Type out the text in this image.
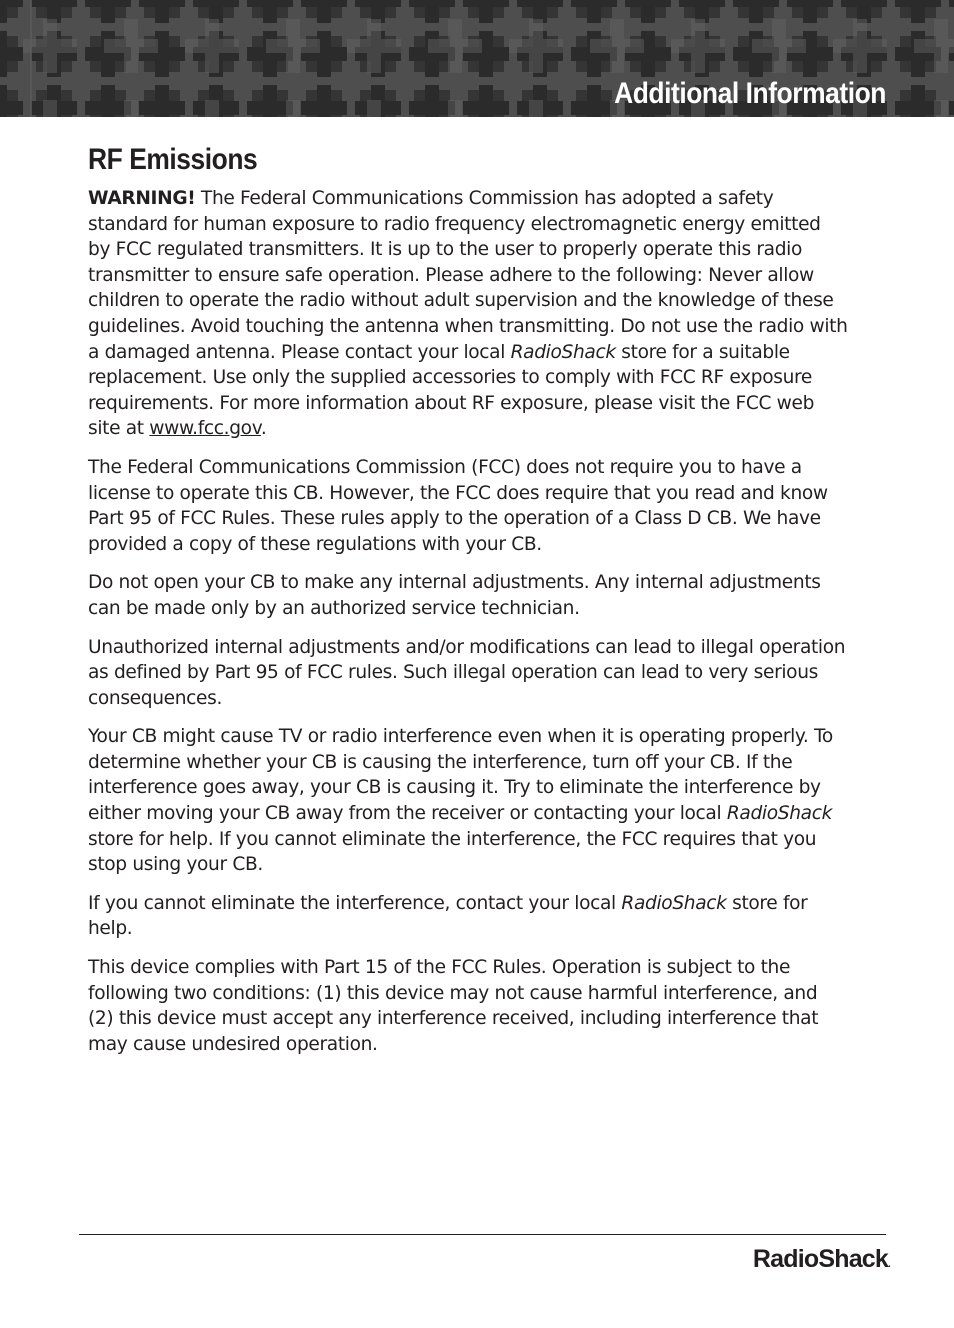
Additional Information
RF Emissions

WARNING! The Federal Communications Commission has adopted a safety standard for human exposure to radio frequency electromagnetic energy emitted by FCC regulated transmitters. It is up to the user to properly operate this radio transmitter to ensure safe operation. Please adhere to the following: Never allow children to operate the radio without adult supervision and the knowledge of these guidelines. Avoid touching the antenna when transmitting. Do not use the radio with a damaged antenna. Please contact your local RadioShack store for a suitable replacement. Use only the supplied accessories to comply with FCC RF exposure requirements. For more information about RF exposure, please visit the FCC web site at www.fcc.gov.

The Federal Communications Commission (FCC) does not require you to have a license to operate this CB. However, the FCC does require that you read and know Part 95 of FCC Rules. These rules apply to the operation of a Class D CB. We have provided a copy of these regulations with your CB.

Do not open your CB to make any internal adjustments. Any internal adjustments can be made only by an authorized service technician.

Unauthorized internal adjustments and/or modifications can lead to illegal operation as defined by Part 95 of FCC rules. Such illegal operation can lead to very serious consequences.

Your CB might cause TV or radio interference even when it is operating properly. To determine whether your CB is causing the interference, turn off your CB. If the interference goes away, your CB is causing it. Try to eliminate the interference by either moving your CB away from the receiver or contacting your local RadioShack store for help. If you cannot eliminate the interference, the FCC requires that you stop using your CB.

If you cannot eliminate the interference, contact your local RadioShack store for help.

This device complies with Part 15 of the FCC Rules. Operation is subject to the following two conditions: (1) this device may not cause harmful interference, and (2) this device must accept any interference received, including interference that may cause undesired operation.

RadioShack.
